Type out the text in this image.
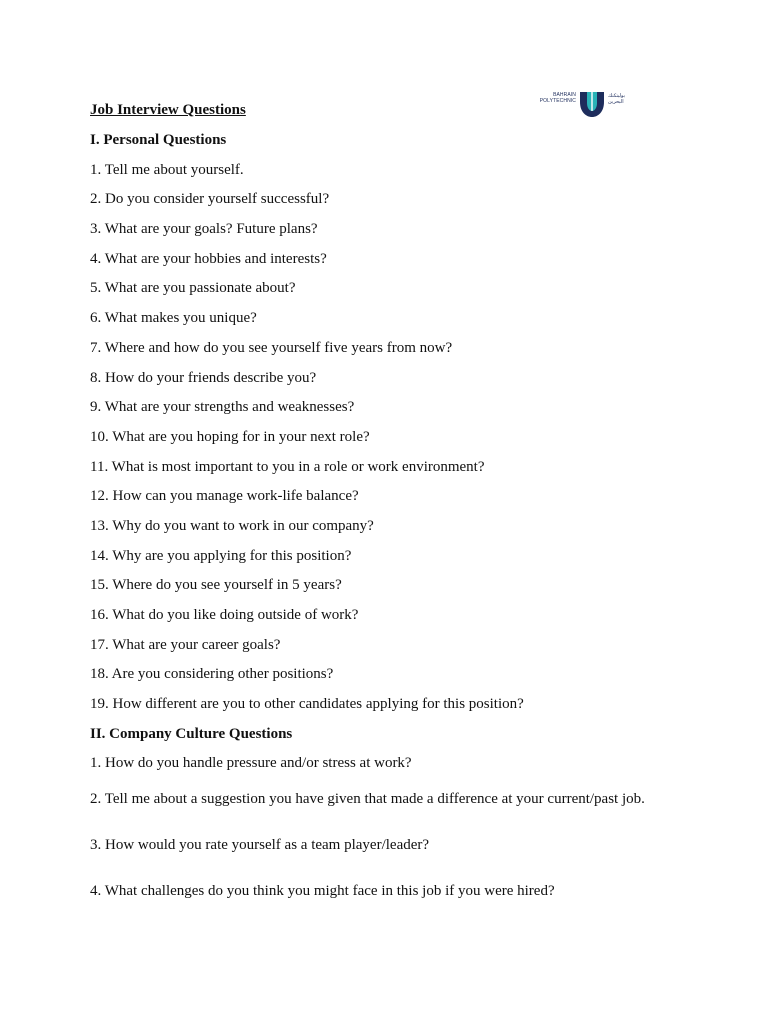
BAHRAIN
POLYTECHNIC
بوليتكنك
البحرين
Job Interview Questions
I. Personal Questions
1. Tell me about yourself.
2. Do you consider yourself successful?
3. What are your goals? Future plans?
4. What are your hobbies and interests?
5. What are you passionate about?
6. What makes you unique?
7. Where and how do you see yourself five years from now?
8. How do your friends describe you?
9. What are your strengths and weaknesses?
10. What are you hoping for in your next role?
11. What is most important to you in a role or work environment?
12. How can you manage work-life balance?
13. Why do you want to work in our company?
14. Why are you applying for this position?
15. Where do you see yourself in 5 years?
16. What do you like doing outside of work?
17. What are your career goals?
18. Are you considering other positions?
19. How different are you to other candidates applying for this position?
II. Company Culture Questions
1. How do you handle pressure and/or stress at work?
2. Tell me about a suggestion you have given that made a difference at your current/past job.
3. How would you rate yourself as a team player/leader?
4. What challenges do you think you might face in this job if you were hired?
